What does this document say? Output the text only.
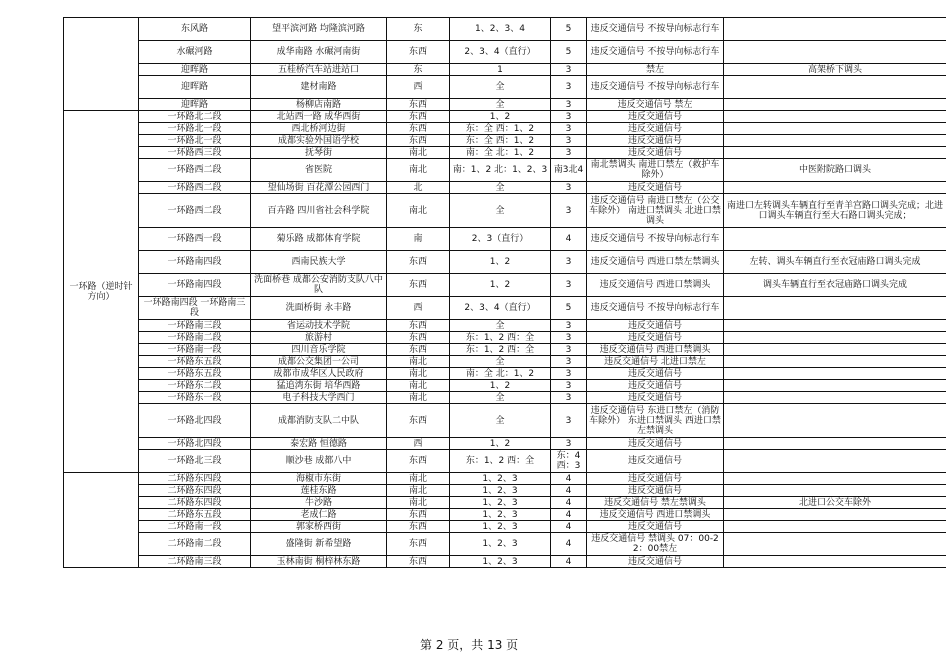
	东风路	望平滨河路 均隆滨河路	东	1、2、3、4	5	违反交通信号 不按导向标志行车	
	水碾河路	成华南路 水碾河南街	东西	2、3、4（直行）	5	违反交通信号 不按导向标志行车	
	迎晖路	五桂桥汽车站进站口	东	1	3	禁左	高架桥下调头
	迎晖路	建材南路	西	全	3	违反交通信号 不按导向标志行车	
	迎晖路	杨柳店南路	东西	全	3	违反交通信号 禁左	
一环路（逆时针方向）	一环路北二段	北站西一路 成华西街	东西	1、2	3	违反交通信号	
	一环路北一段	西北桥河边街	东西	东：全 西：1、2	3	违反交通信号	
	一环路北一段	成都实验外国语学校	东西	东：全 西：1、2	3	违反交通信号	
	一环路西三段	抚琴街	南北	南：全 北：1、2	3	违反交通信号	
	一环路西二段	省医院	南北	南：1、2 北：1、2、3	南3北4	南北禁调头 南进口禁左（救护车除外）	中医附院路口调头
	一环路西二段	望仙场街 百花潭公园西门	北	全	3	违反交通信号	
	一环路西二段	百卉路 四川省社会科学院	南北	全	3	违反交通信号 南进口禁左（公交车除外） 南进口禁调头 北进口禁调头	南进口左转调头车辆直行至青羊宫路口调头完成；北进口调头车辆直行至大石路口调头完成；
	一环路西一段	菊乐路 成都体育学院	南	2、3（直行）	4	违反交通信号 不按导向标志行车	
	一环路南四段	西南民族大学	东西	1、2	3	违反交通信号 西进口禁左禁调头	左转、调头车辆直行至衣冠庙路口调头完成
	一环路南四段	洗面桥巷 成都公安消防支队八中队	东西	1、2	3	违反交通信号 西进口禁调头	调头车辆直行至衣冠庙路口调头完成
	一环路南四段 一环路南三段	洗面桥街 永丰路	西	2、3、4（直行）	5	违反交通信号 不按导向标志行车	
	一环路南三段	省运动技术学院	东西	全	3	违反交通信号	
	一环路南二段	旅游村	东西	东：1、2 西：全	3	违反交通信号	
	一环路南一段	四川音乐学院	东西	东：1、2 西：全	3	违反交通信号 西进口禁调头	
	一环路东五段	成都公交集团一公司	南北	全	3	违反交通信号 北进口禁左	
	一环路东五段	成都市成华区人民政府	南北	南：全 北：1、2	3	违反交通信号	
	一环路东二段	猛追湾东街 培华西路	南北	1、2	3	违反交通信号	
	一环路东一段	电子科技大学西门	南北	全	3	违反交通信号	
	一环路北四段	成都消防支队二中队	东西	全	3	违反交通信号 东进口禁左（消防车除外） 东进口禁调头 西进口禁左禁调头	
	一环路北四段	泰宏路 恒德路	西	1、2	3	违反交通信号	
	一环路北三段	顺沙巷 成都八中	东西	东：1、2 西：全	东：4 西：3	违反交通信号	
	二环路东四段	海椒市东街	南北	1、2、3	4	违反交通信号	
	二环路东四段	莲桂东路	南北	1、2、3	4	违反交通信号	
	二环路东四段	牛沙路	南北	1、2、3	4	违反交通信号 禁左禁调头	北进口公交车除外
	二环路东五段	老成仁路	东西	1、2、3	4	违反交通信号 西进口禁调头	
	二环路南一段	郭家桥西街	东西	1、2、3	4	违反交通信号	
	二环路南二段	盛隆街 新希望路	东西	1、2、3	4	违反交通信号 禁调头 07：00-22：00禁左	
	二环路南三段	玉林南街 桐梓林东路	东西	1、2、3	4	违反交通信号	
第 2 页，共 13 页
